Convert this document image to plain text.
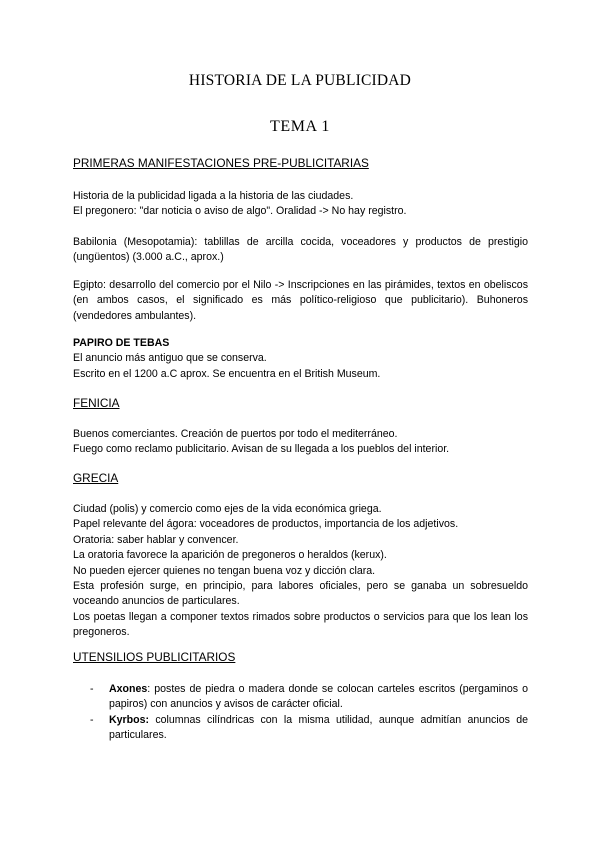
HISTORIA DE LA PUBLICIDAD
TEMA 1
PRIMERAS MANIFESTACIONES PRE-PUBLICITARIAS

Historia de la publicidad ligada a la historia de las ciudades.

El pregonero: "dar noticia o aviso de algo". Oralidad -> No hay registro.

Babilonia (Mesopotamia): tablillas de arcilla cocida, voceadores y productos de prestigio (ungüentos) (3.000 a.C., aprox.)

Egipto: desarrollo del comercio por el Nilo -> Inscripciones en las pirámides, textos en obeliscos (en ambos casos, el significado es más político-religioso que publicitario). Buhoneros (vendedores ambulantes).

PAPIRO DE TEBAS

El anuncio más antiguo que se conserva.

Escrito en el 1200 a.C aprox. Se encuentra en el British Museum.

FENICIA

Buenos comerciantes. Creación de puertos por todo el mediterráneo.

Fuego como reclamo publicitario. Avisan de su llegada a los pueblos del interior.

GRECIA

Ciudad (polis) y comercio como ejes de la vida económica griega.

Papel relevante del ágora: voceadores de productos, importancia de los adjetivos.

Oratoria: saber hablar y convencer.

La oratoria favorece la aparición de pregoneros o heraldos (kerux).

No pueden ejercer quienes no tengan buena voz y dicción clara.

Esta profesión surge, en principio, para labores oficiales, pero se ganaba un sobresueldo voceando anuncios de particulares.

Los poetas llegan a componer textos rimados sobre productos o servicios para que los lean los pregoneros.

UTENSILIOS PUBLICITARIOS
- Axones: postes de piedra o madera donde se colocan carteles escritos (pergaminos o papiros) con anuncios y avisos de carácter oficial.
- Kyrbos: columnas cilíndricas con la misma utilidad, aunque admitían anuncios de particulares.
